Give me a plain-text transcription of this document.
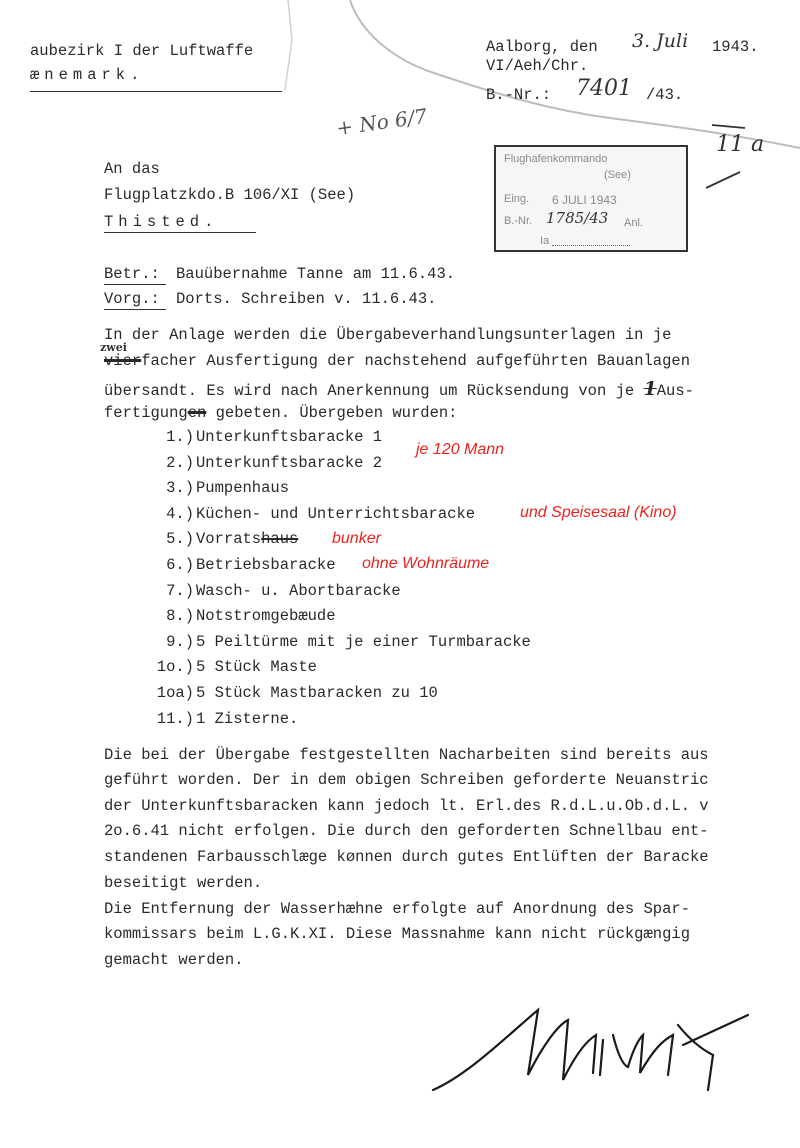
aubezirk I der Luftwaffe
ænemark.
Aalborg, den 3. Juli 1943.
VI/Aeh/Chr.
B.-Nr.: 7401 /43.
+ No 6/7
11 a
Flughafenkommando
(See)
Eing. 6 JULI 1943
B.-Nr. 1785/43 Anl.
Ia
An das
Flugplatzkdo.B 106/XI (See)
Thisted.
Betr.: Bauübernahme Tanne am 11.6.43.
Vorg.: Dorts. Schreiben v. 11.6.43.
In der Anlage werden die Übergabeverhandlungsunterlagen in je
zwei
vierfacher Ausfertigung der nachstehend aufgeführten Bauanlagen
übersandt. Es wird nach Anerkennung um Rücksendung von je 1Aus-
fertigungen gebeten. Übergeben wurden:
1.) Unterkunftsbaracke 1
2.) Unterkunftsbaracke 2
3.) Pumpenhaus
4.) Küchen- und Unterrichtsbaracke
5.) Vorratshaus
6.) Betriebsbaracke
7.) Wasch- u. Abortbaracke
8.) Notstromgebæude
9.) 5 Peiltürme mit je einer Turmbaracke
1o.) 5 Stück Maste
1oa) 5 Stück Mastbaracken zu 10
11.) 1 Zisterne.
je 120 Mann
und Speisesaal (Kino)
bunker
ohne Wohnräume
Die bei der Übergabe festgestellten Nacharbeiten sind bereits aus
geführt worden. Der in dem obigen Schreiben geforderte Neuanstric
der Unterkunftsbaracken kann jedoch lt. Erl.des R.d.L.u.Ob.d.L. v
2o.6.41 nicht erfolgen. Die durch den geforderten Schnellbau ent-
standenen Farbausschlæge kønnen durch gutes Entlüften der Baracke
beseitigt werden.
Die Entfernung der Wasserhæhne erfolgte auf Anordnung des Spar-
kommissars beim L.G.K.XI. Diese Massnahme kann nicht rückgængig
gemacht werden.
